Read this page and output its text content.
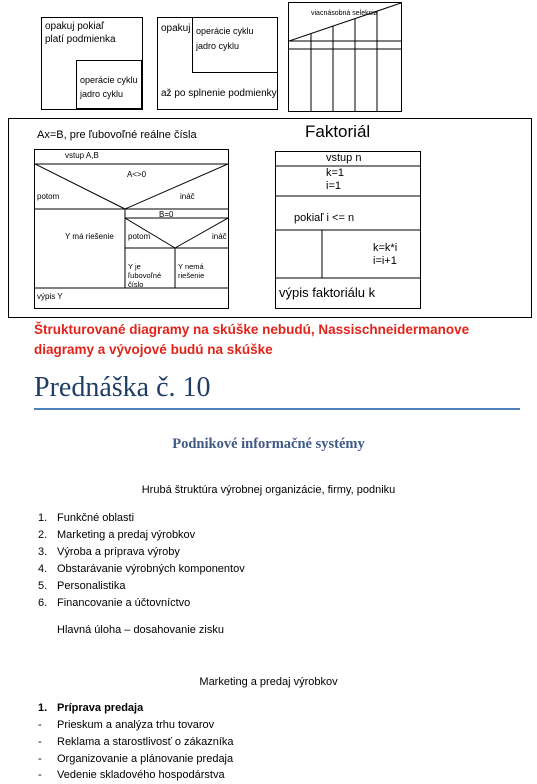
opakuj pokiaľ
platí podmienka
operácie cyklu
jadro cyklu
opakuj operácie cyklu
jadro cyklu
až po splnenie podmienky
viacnásobná selekcia
Ax=B, pre ľubovoľné reálne čísla
vstup A,B
A<>0
potom	ináč
Y má riešenie
B=0
potom	ináč
Y je ľubovoľné číslo
Y nemá riešenie
výpis Y
Faktoriál
vstup n
k=1
i=1
pokiaľ i <= n
k=k*i
i=i+1
výpis faktoriálu k
Štrukturované diagramy na skúške nebudú, Nassischneidermanove diagramy a vývojové budú na skúške
Prednáška č. 10
Podnikové informačné systémy
Hrubá štruktúra výrobnej organizácie, firmy, podniku
1. Funkčné oblasti
2. Marketing a predaj výrobkov
3. Výroba a príprava výroby
4. Obstarávanie výrobných komponentov
5. Personalistika
6. Financovanie a účtovníctvo
Hlavná úloha – dosahovanie zisku
Marketing a predaj výrobkov
1. Príprava predaja
- Prieskum a analýza trhu tovarov
- Reklama a starostlivosť o zákazníka
- Organizovanie a plánovanie predaja
- Vedenie skladového hospodárstva
